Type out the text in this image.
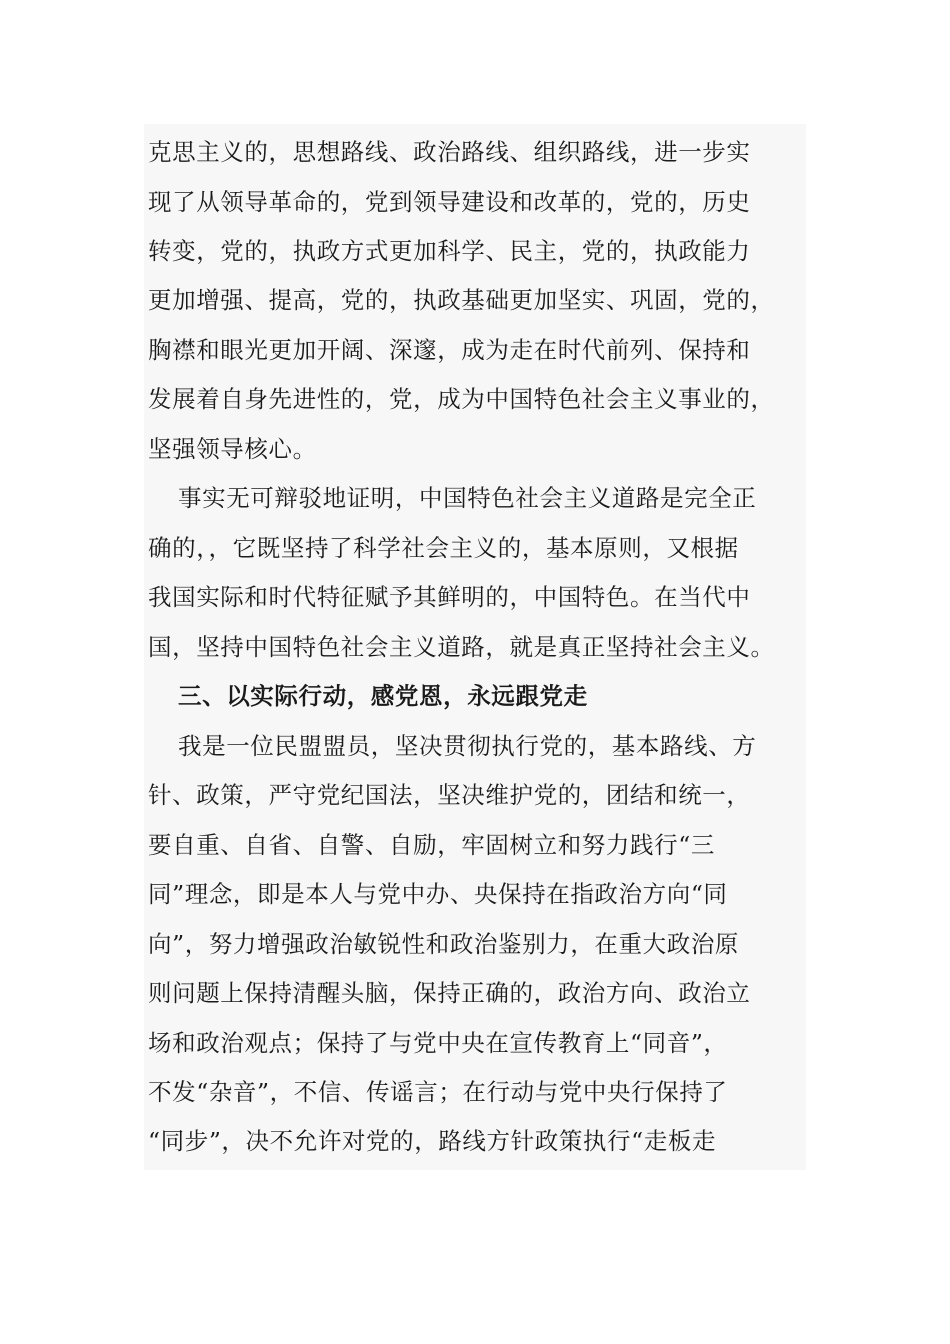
克思主义的，思想路线、政治路线、组织路线，进一步实
现了从领导革命的，党到领导建设和改革的，党的，历史
转变，党的，执政方式更加科学、民主，党的，执政能力
更加增强、提高，党的，执政基础更加坚实、巩固，党的，
胸襟和眼光更加开阔、深邃，成为走在时代前列、保持和
发展着自身先进性的，党，成为中国特色社会主义事业的，
坚强领导核心。
事实无可辩驳地证明，中国特色社会主义道路是完全正
确的，，它既坚持了科学社会主义的，基本原则，又根据
我国实际和时代特征赋予其鲜明的，中国特色。在当代中
国，坚持中国特色社会主义道路，就是真正坚持社会主义。
三、以实际行动，感党恩，永远跟党走
我是一位民盟盟员，坚决贯彻执行党的，基本路线、方
针、政策，严守党纪国法，坚决维护党的，团结和统一，
要自重、自省、自警、自励，牢固树立和努力践行“三
同”理念，即是本人与党中办、央保持在指政治方向“同
向”，努力增强政治敏锐性和政治鉴别力，在重大政治原
则问题上保持清醒头脑，保持正确的，政治方向、政治立
场和政治观点；保持了与党中央在宣传教育上“同音”，
不发“杂音”，不信、传谣言；在行动与党中央行保持了
“同步”，决不允许对党的，路线方针政策执行“走板走
